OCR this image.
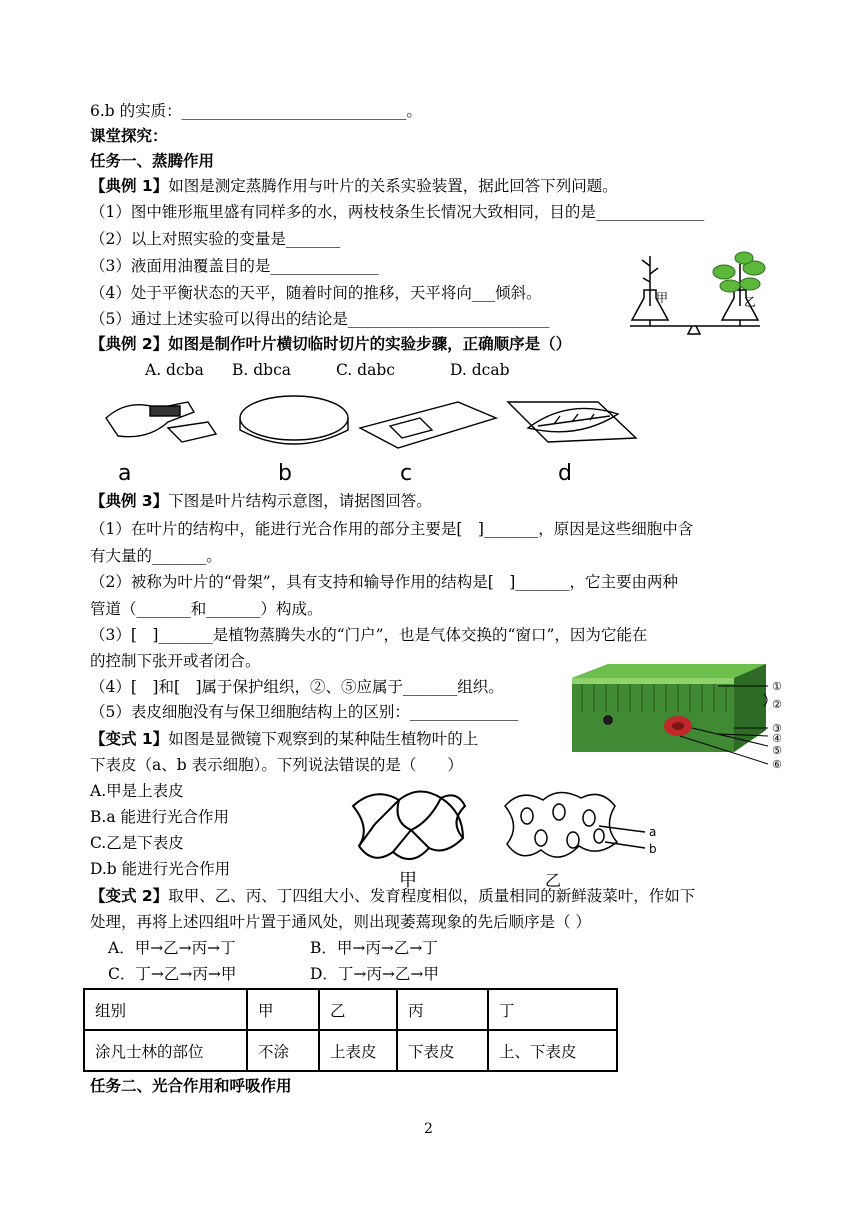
6.b 的实质：_____________________________。
课堂探究：
任务一、蒸腾作用
【典例 1】如图是测定蒸腾作用与叶片的关系实验装置，据此回答下列问题。
（1）图中锥形瓶里盛有同样多的水，两枝枝条生长情况大致相同，目的是______________
（2）以上对照实验的变量是_______
（3）液面用油覆盖目的是______________
（4）处于平衡状态的天平，随着时间的推移，天平将向___倾斜。
（5）通过上述实验可以得出的结论是__________________________
【典例 2】如图是制作叶片横切临时切片的实验步骤，正确顺序是（）
A. dcba B. dbca	C. dabc	D. dcab
甲	乙
a	b	c	d
【典例 3】下图是叶片结构示意图，请据图回答。
（1）在叶片的结构中，能进行光合作用的部分主要是[　]_______，原因是这些细胞中含
有大量的_______。
（2）被称为叶片的“骨架”，具有支持和输导作用的结构是[　]_______，它主要由两种
管道（_______和_______）构成。
（3）[　]_______是植物蒸腾失水的“门户”，也是气体交换的“窗口”，因为它能在
的控制下张开或者闭合。
（4）[　]和[　]属于保护组织，②、⑤应属于_______组织。
（5）表皮细胞没有与保卫细胞结构上的区别：______________
①
②
③
④
⑤
⑥
【变式 1】如图是显微镜下观察到的某种陆生植物叶的上
下表皮（a、b 表示细胞）。下列说法错误的是（　　）
A.甲是上表皮
B.a 能进行光合作用
C.乙是下表皮
D.b 能进行光合作用
a
b
甲	乙
【变式 2】取甲、乙、丙、丁四组大小、发育程度相似，质量相同的新鲜菠菜叶，作如下
处理，再将上述四组叶片置于通风处，则出现萎蔫现象的先后顺序是（ ）
A．甲→乙→丙→丁	B．甲→丙→乙→丁
C．丁→乙→丙→甲	D．丁→丙→乙→甲
组别	甲	乙	丙	丁
涂凡士林的部位	不涂	上表皮	下表皮	上、下表皮
任务二、光合作用和呼吸作用
2
